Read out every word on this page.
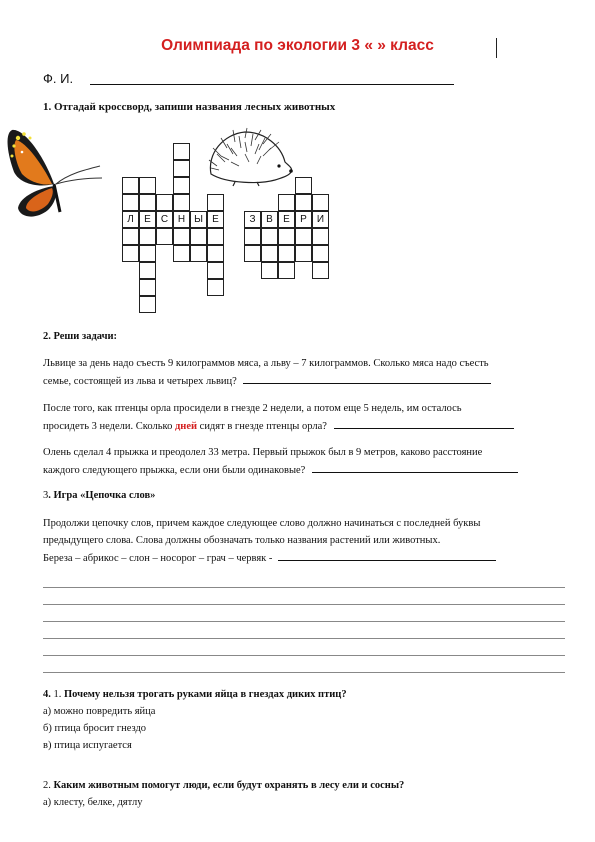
Олимпиада по экологии 3 « » класс
Ф. И.
1. Отгадай кроссворд, запиши названия лесных животных
Л	Е	С Н Ы Е	З	В	Е	Р	И
2. Реши задачи:
Львице за день надо съесть 9 килограммов мяса, а льву – 7 килограммов. Сколько мяса надо съесть
семье, состоящей из льва и четырех львиц?
После того, как птенцы орла просидели в гнезде 2 недели, а потом еще 5 недель, им осталось
просидеть 3 недели. Сколько дней сидят в гнезде птенцы орла?
Олень сделал 4 прыжка и преодолел 33 метра. Первый прыжок был в 9 метров, каково расстояние
каждого следующего прыжка, если они были одинаковые?
3. Игра «Цепочка слов»
Продолжи цепочку слов, причем каждое следующее слово должно начинаться с последней буквы
предыдущего слова. Слова должны обозначать только названия растений или животных.
Береза – абрикос – слон – носорог – грач – червяк -
4. 1. Почему нельзя трогать руками яйца в гнездах диких птиц?
а) можно повредить яйца
б) птица бросит гнездо
в) птица испугается
2. Каким животным помогут люди, если будут охранять в лесу ели и сосны?
а) клесту, белке, дятлу
